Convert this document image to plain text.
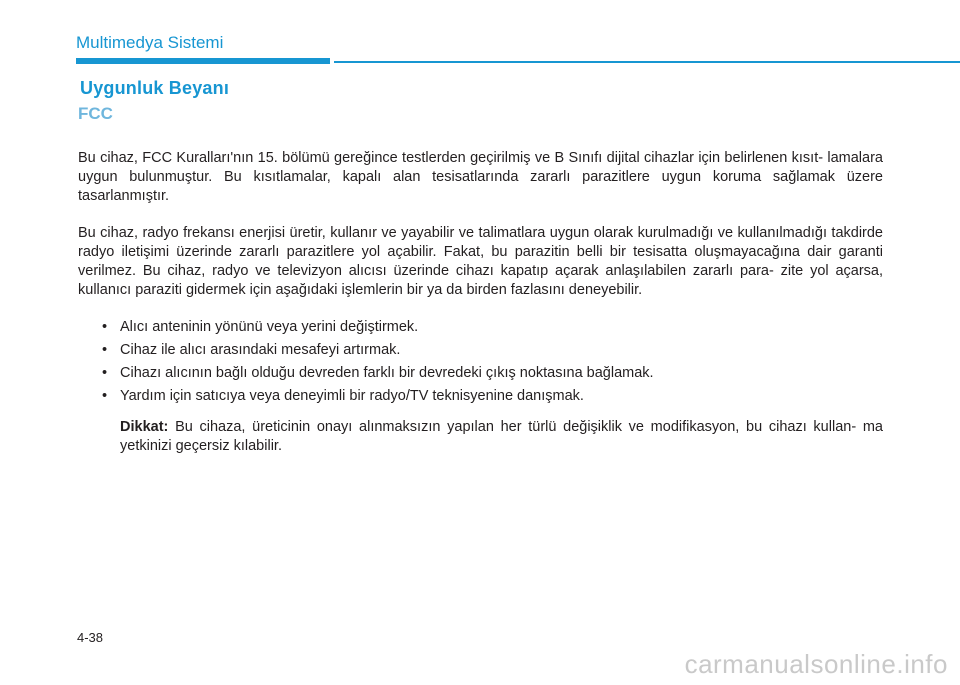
Multimedya Sistemi
Uygunluk Beyanı
FCC

Bu cihaz, FCC Kuralları'nın 15. bölümü gereğince testlerden geçirilmiş ve B Sınıfı dijital cihazlar için belirlenen kısıt- lamalara uygun bulunmuştur. Bu kısıtlamalar, kapalı alan tesisatlarında zararlı parazitlere uygun koruma sağlamak üzere tasarlanmıştır.

Bu cihaz, radyo frekansı enerjisi üretir, kullanır ve yayabilir ve talimatlara uygun olarak kurulmadığı ve kullanılmadığı takdirde radyo iletişimi üzerinde zararlı parazitlere yol açabilir. Fakat, bu parazitin belli bir tesisatta oluşmayacağına dair garanti verilmez. Bu cihaz, radyo ve televizyon alıcısı üzerinde cihazı kapatıp açarak anlaşılabilen zararlı para- zite yol açarsa, kullanıcı paraziti gidermek için aşağıdaki işlemlerin bir ya da birden fazlasını deneyebilir.

• Alıcı anteninin yönünü veya yerini değiştirmek.
• Cihaz ile alıcı arasındaki mesafeyi artırmak.
• Cihazı alıcının bağlı olduğu devreden farklı bir devredeki çıkış noktasına bağlamak.
• Yardım için satıcıya veya deneyimli bir radyo/TV teknisyenine danışmak.
Dikkat: Bu cihaza, üreticinin onayı alınmaksızın yapılan her türlü değişiklik ve modifikasyon, bu cihazı kullan- ma yetkinizi geçersiz kılabilir.
4-38
carmanualsonline.info
